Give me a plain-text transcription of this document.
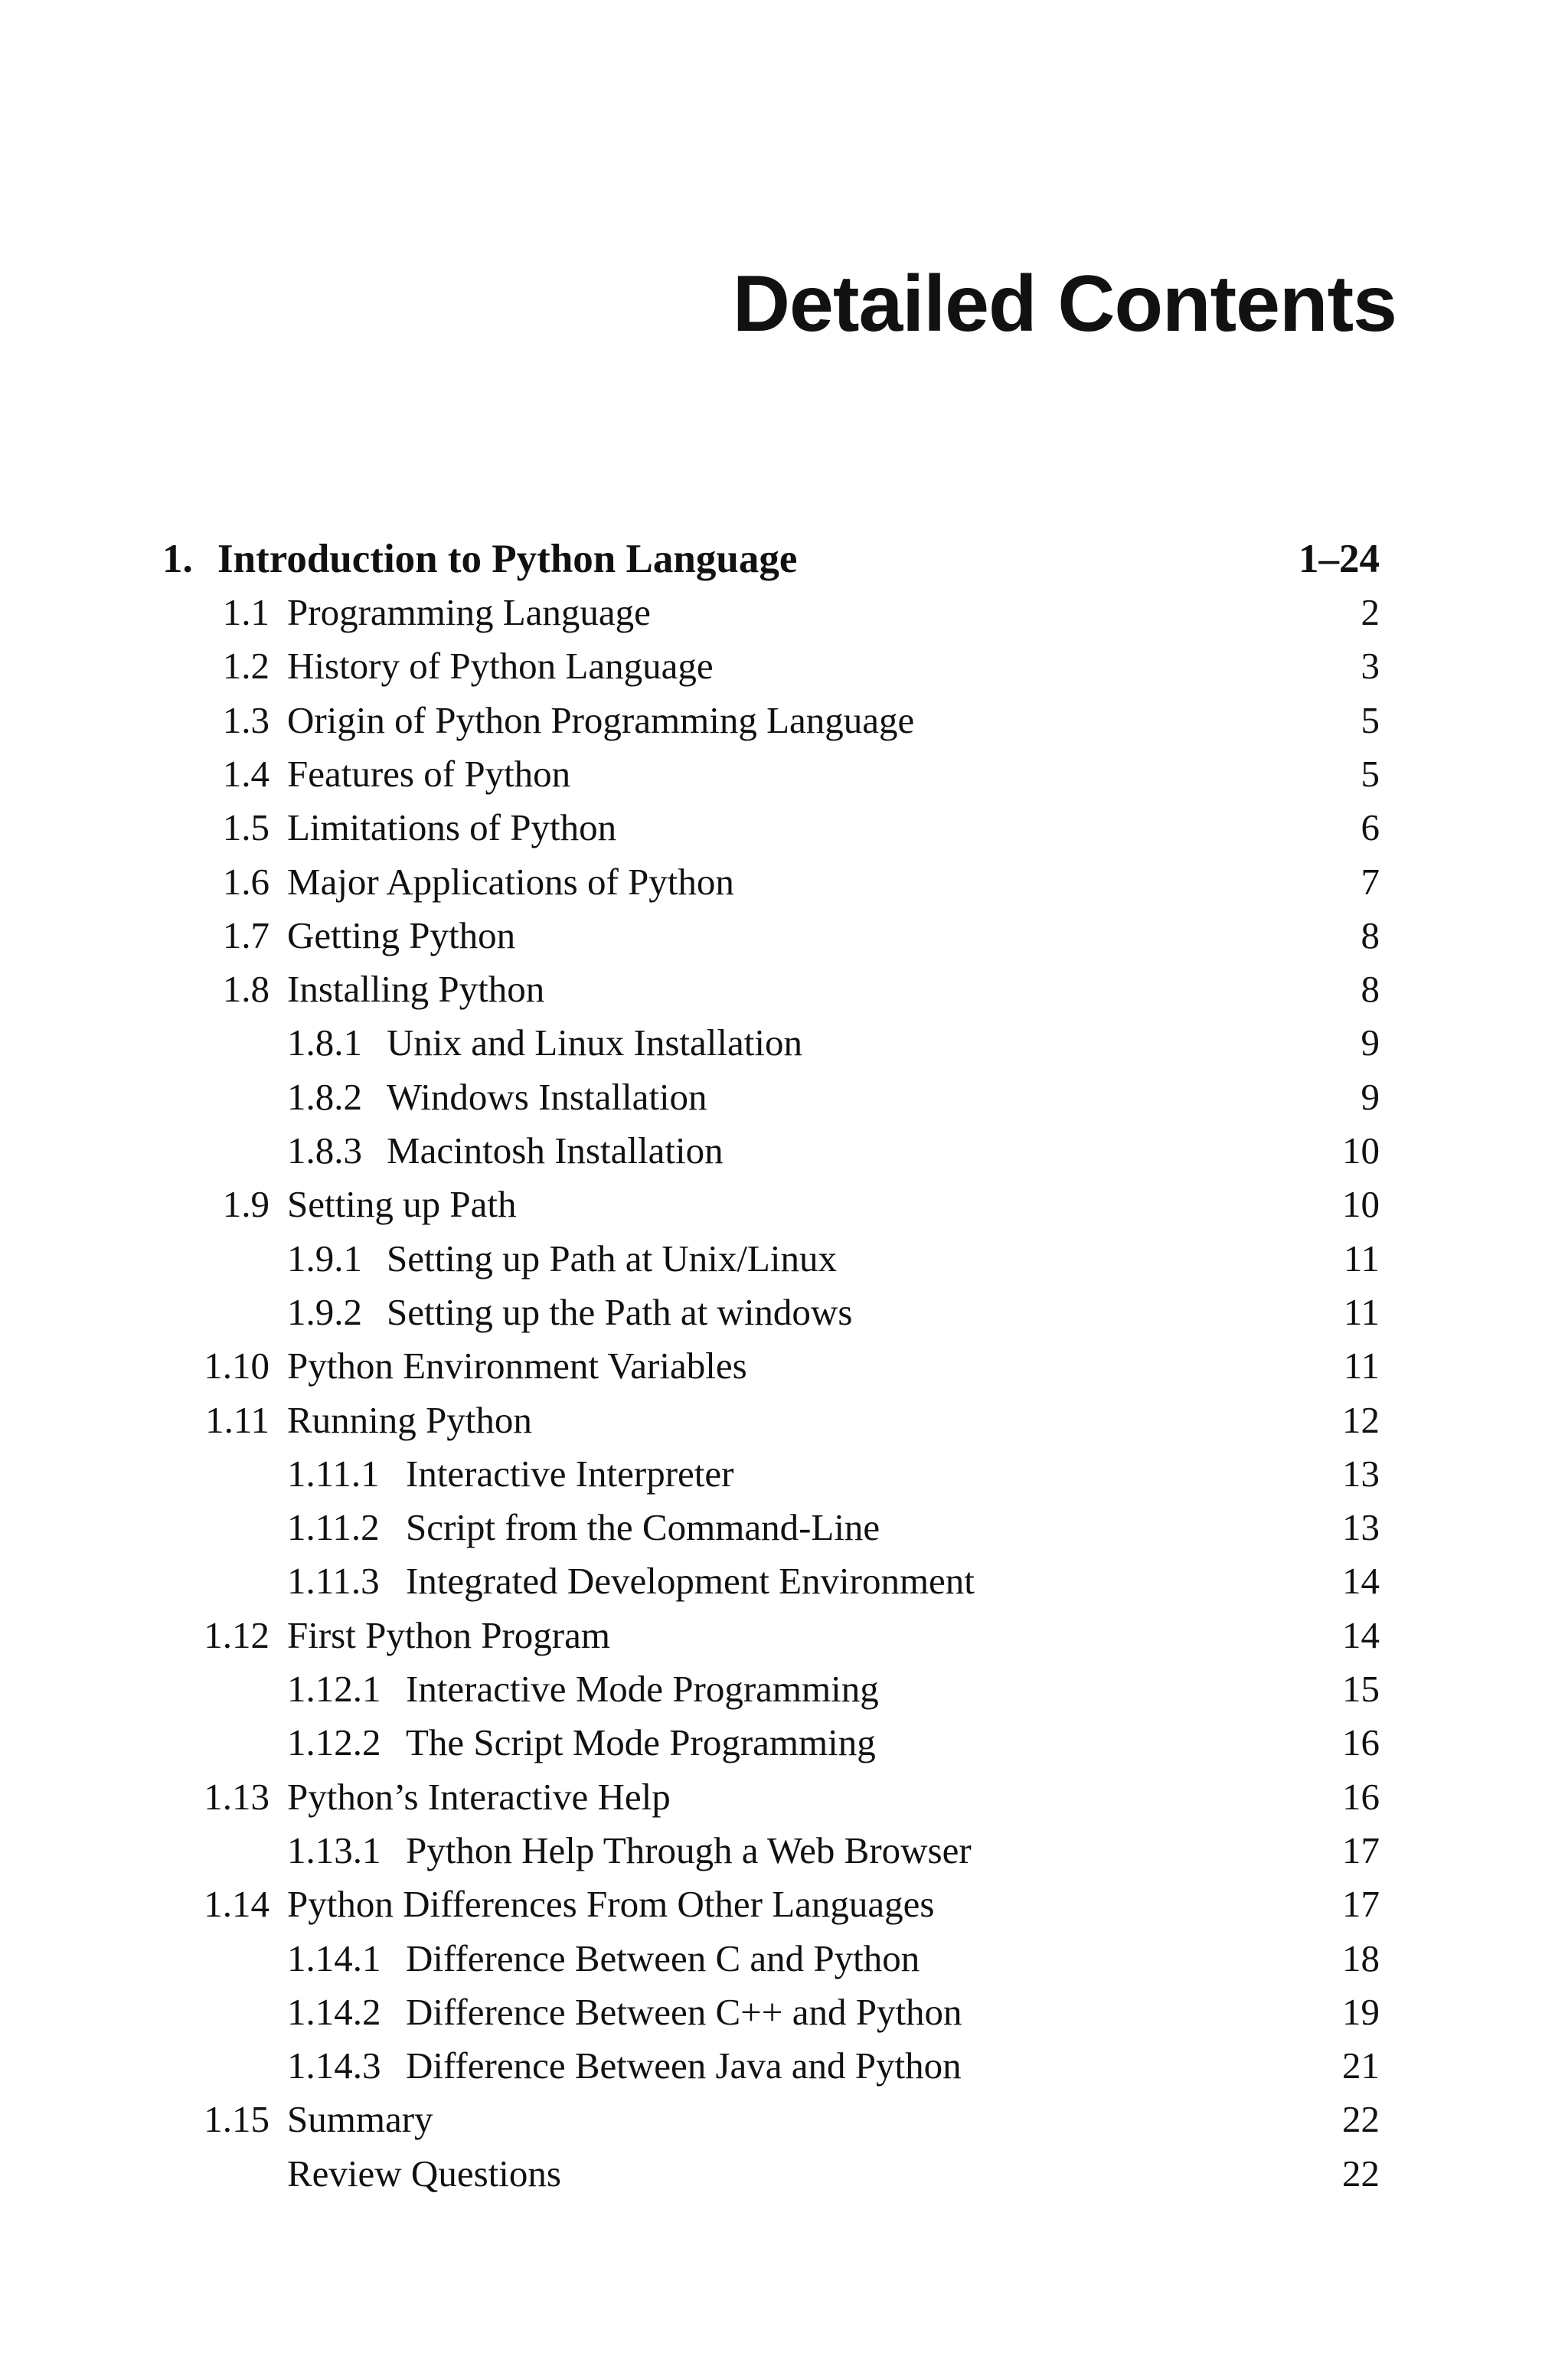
Detailed Contents
1. Introduction to Python Language	1–24
1.1 Programming Language	2
1.2 History of Python Language	3
1.3 Origin of Python Programming Language	5
1.4 Features of Python	5
1.5 Limitations of Python	6
1.6 Major Applications of Python	7
1.7 Getting Python	8
1.8 Installing Python	8
1.8.1 Unix and Linux Installation	9
1.8.2 Windows Installation	9
1.8.3 Macintosh Installation	10
1.9 Setting up Path	10
1.9.1 Setting up Path at Unix/Linux	11
1.9.2 Setting up the Path at windows	11
1.10 Python Environment Variables	11
1.11 Running Python	12
1.11.1 Interactive Interpreter	13
1.11.2 Script from the Command-Line	13
1.11.3 Integrated Development Environment	14
1.12 First Python Program	14
1.12.1 Interactive Mode Programming	15
1.12.2 The Script Mode Programming	16
1.13 Python’s Interactive Help	16
1.13.1 Python Help Through a Web Browser	17
1.14 Python Differences From Other Languages	17
1.14.1 Difference Between C and Python	18
1.14.2 Difference Between C++ and Python	19
1.14.3 Difference Between Java and Python	21
1.15 Summary	22
Review Questions	22
